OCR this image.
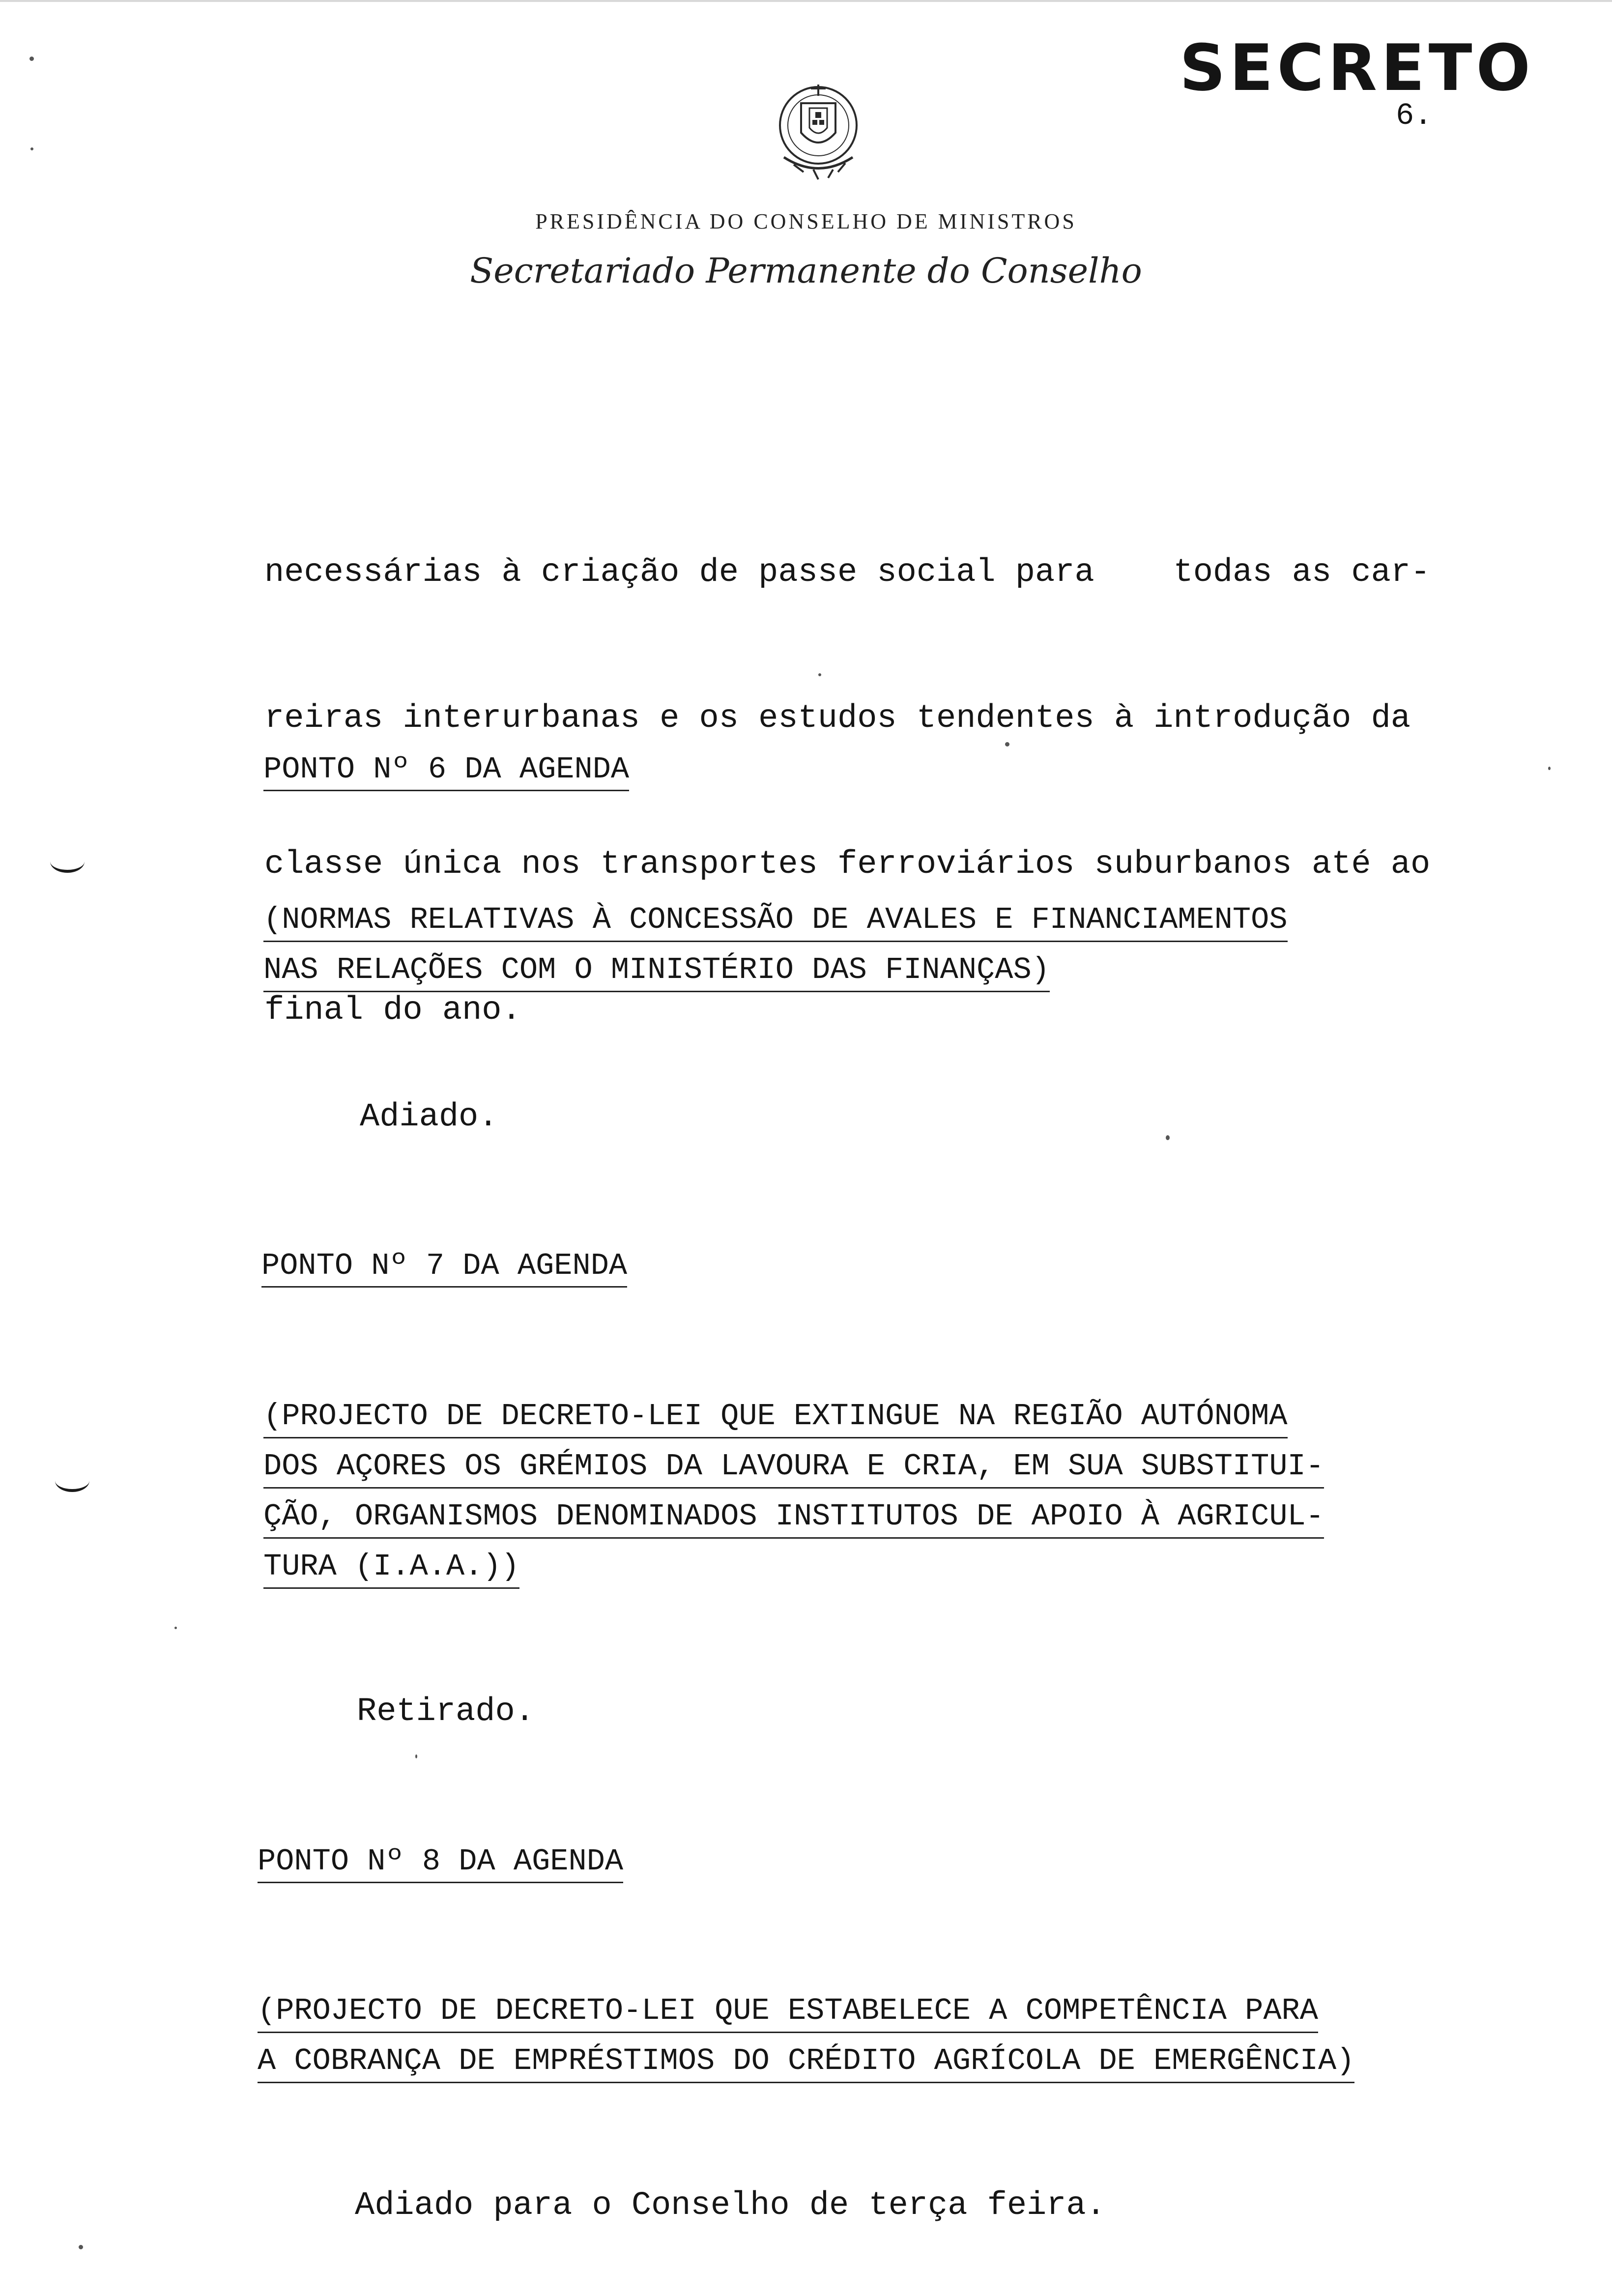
SECRETO
6.
PRESIDÊNCIA DO CONSELHO DE MINISTROS
Secretariado Permanente do Conselho

necessárias à criação de passe social para    todas as car-

reiras interurbanas e os estudos tendentes à introdução da

classe única nos transportes ferroviários suburbanos até ao

final do ano.

PONTO Nº 6 DA AGENDA
(NORMAS RELATIVAS À CONCESSÃO DE AVALES E FINANCIAMENTOS
NAS RELAÇÕES COM O MINISTÉRIO DAS FINANÇAS)
Adiado.
PONTO Nº 7 DA AGENDA
(PROJECTO DE DECRETO-LEI QUE EXTINGUE NA REGIÃO AUTÓNOMA
DOS AÇORES OS GRÉMIOS DA LAVOURA E CRIA, EM SUA SUBSTITUI-
ÇÃO, ORGANISMOS DENOMINADOS INSTITUTOS DE APOIO À AGRICUL-
TURA (I.A.A.))
Retirado.
PONTO Nº 8 DA AGENDA
(PROJECTO DE DECRETO-LEI QUE ESTABELECE A COMPETÊNCIA PARA
A COBRANÇA DE EMPRÉSTIMOS DO CRÉDITO AGRÍCOLA DE EMERGÊNCIA)
Adiado para o Conselho de terça feira.
